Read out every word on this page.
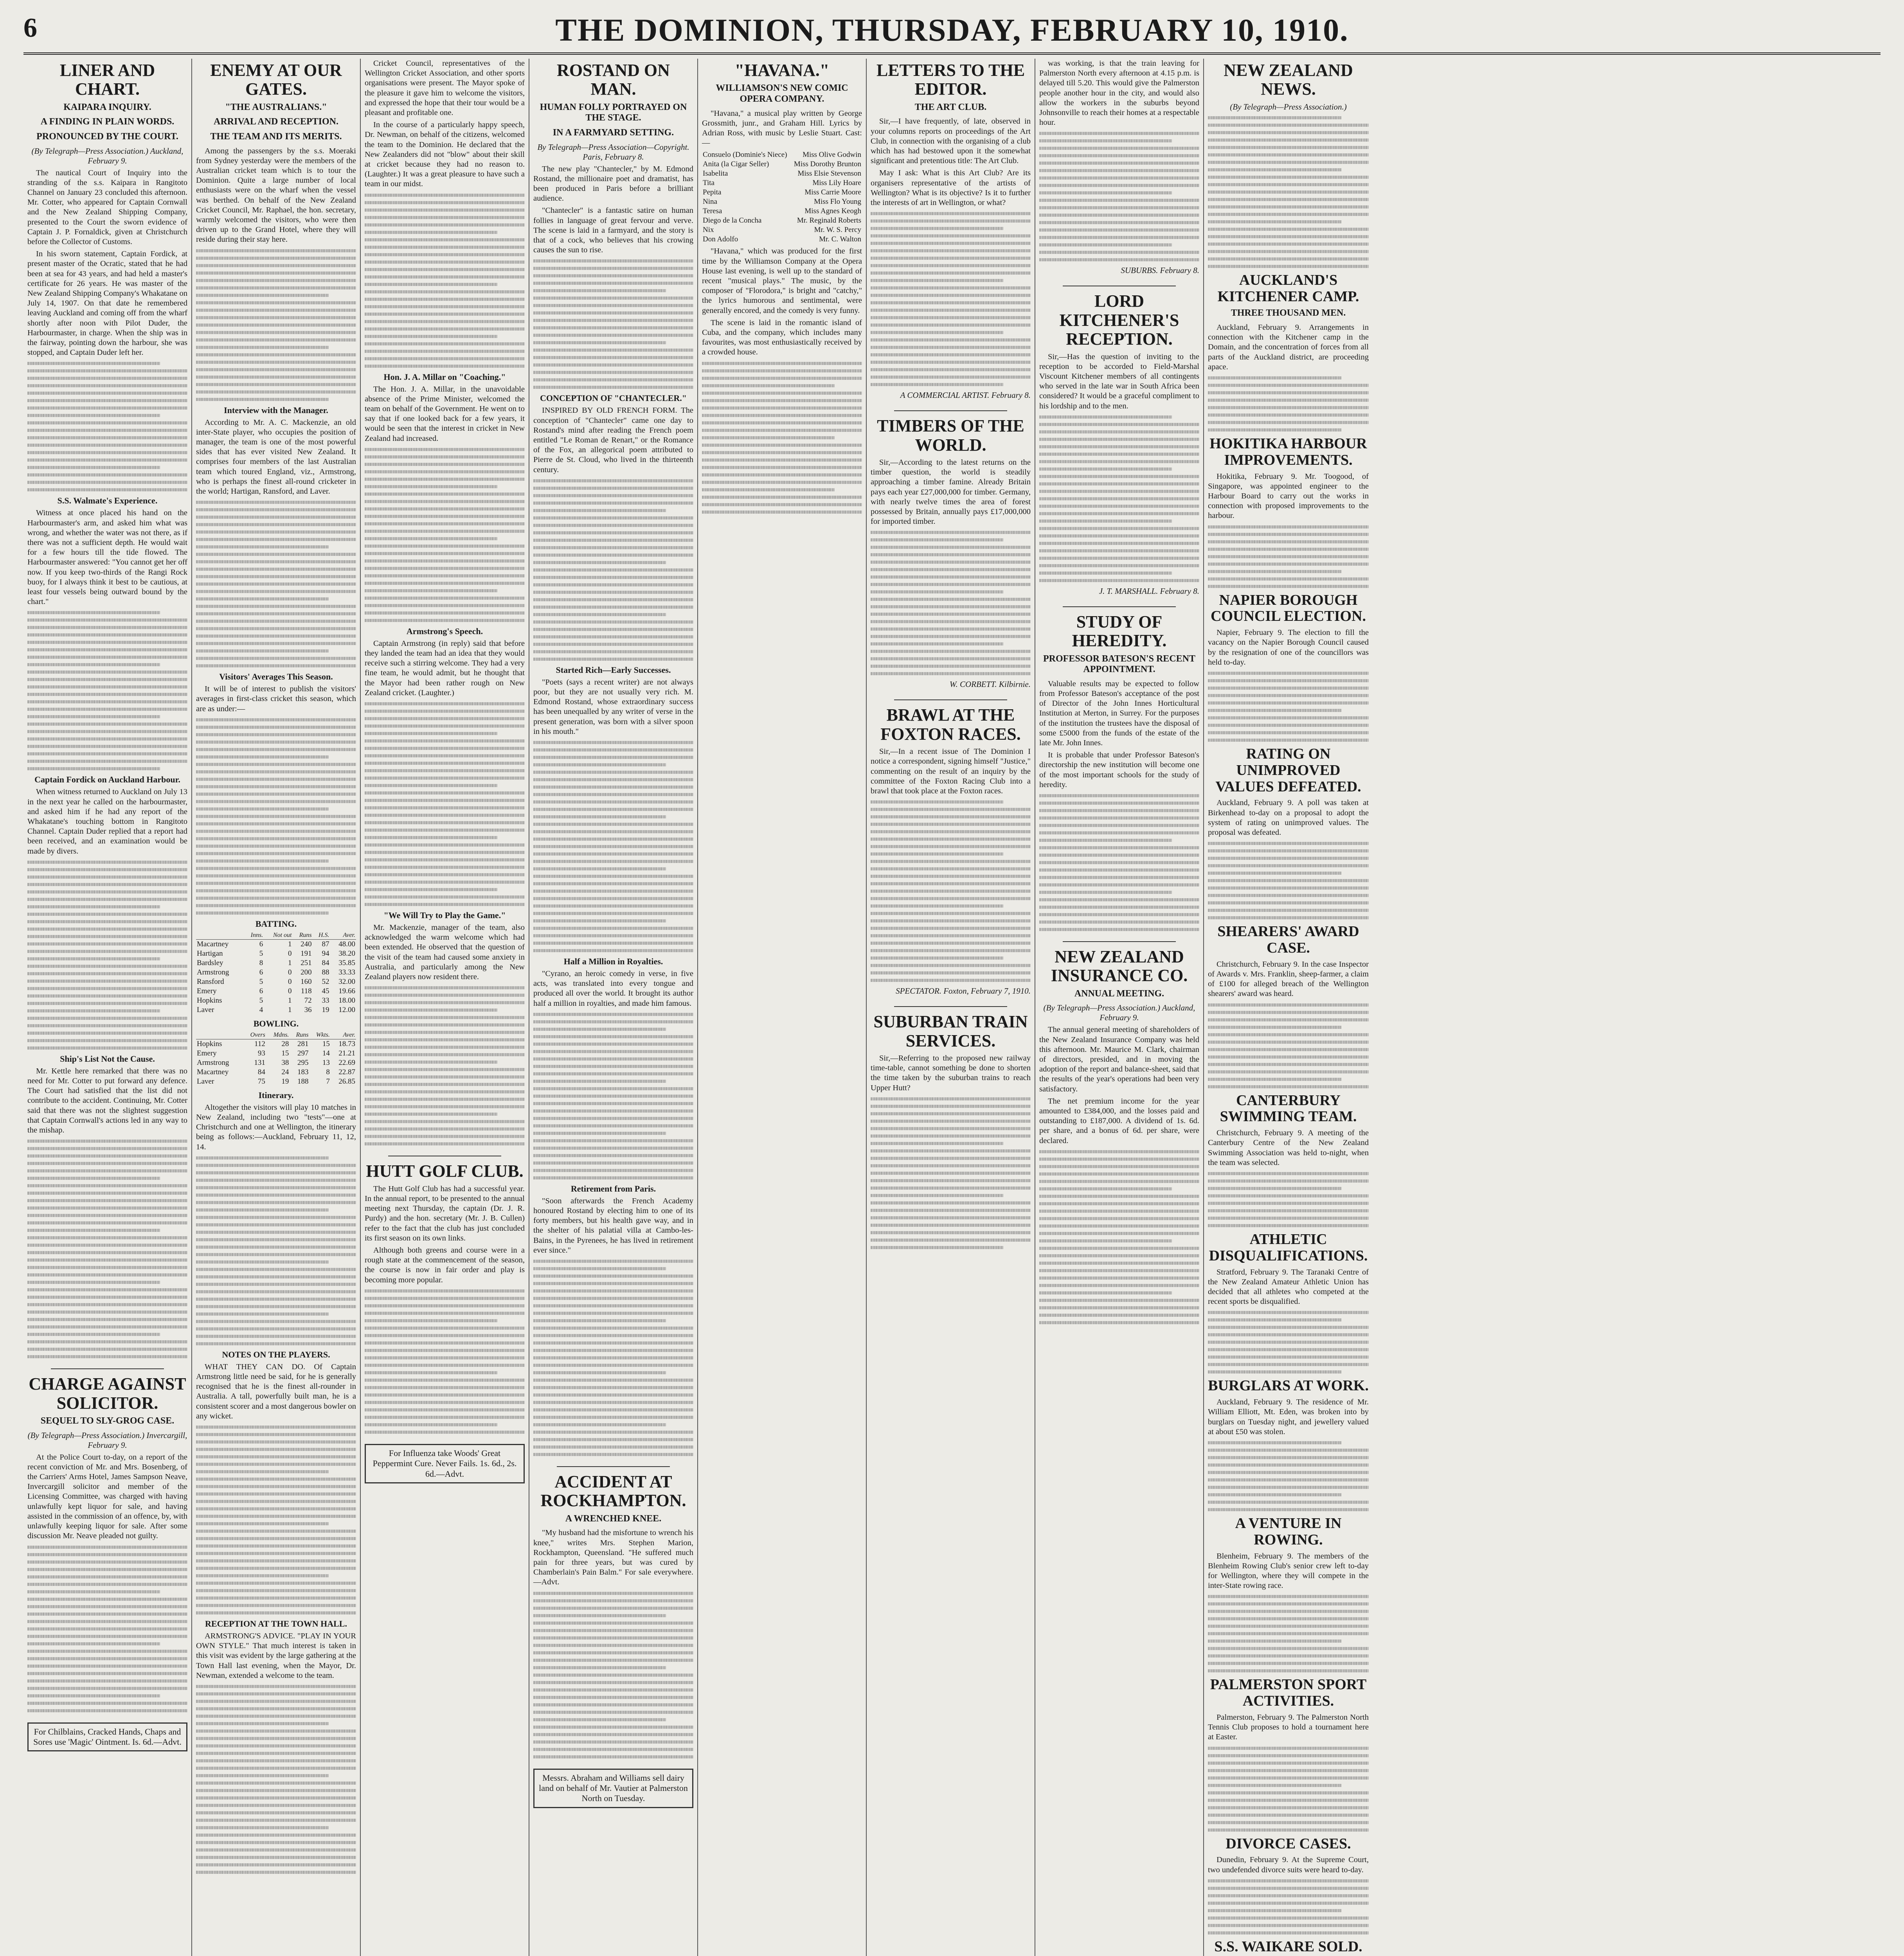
6	THE DOMINION, THURSDAY, FEBRUARY 10, 1910.
LINER AND CHART.
KAIPARA INQUIRY.
A FINDING IN PLAIN WORDS.
PRONOUNCED BY THE COURT.
(By Telegraph—Press Association.) Auckland, February 9.

The nautical Court of Inquiry into the stranding of the s.s. Kaipara in Rangitoto Channel on January 23 concluded this afternoon. Mr. Cotter, who appeared for Captain Cornwall and the New Zealand Shipping Company, presented to the Court the sworn evidence of Captain J. P. Fornaldick, given at Christchurch before the Collector of Customs.

In his sworn statement, Captain Fordick, at present master of the Ocratic, stated that he had been at sea for 43 years, and had held a master's certificate for 26 years. He was master of the New Zealand Shipping Company's Whakatane on July 14, 1907. On that date he remembered leaving Auckland and coming off from the wharf shortly after noon with Pilot Duder, the Harbourmaster, in charge. When the ship was in the fairway, pointing down the harbour, she was stopped, and Captain Duder left her.

S.S. Walmate's Experience.

Witness at once placed his hand on the Harbourmaster's arm, and asked him what was wrong, and whether the water was not there, as if there was not a sufficient depth. He would wait for a few hours till the tide flowed. The Harbourmaster answered: "You cannot get her off now. If you keep two-thirds of the Rangi Rock buoy, for I always think it best to be cautious, at least four vessels being outward bound by the chart."

Captain Fordick on Auckland Harbour.

When witness returned to Auckland on July 13 in the next year he called on the harbourmaster, and asked him if he had any report of the Whakatane's touching bottom in Rangitoto Channel. Captain Duder replied that a report had been received, and an examination would be made by divers.

Ship's List Not the Cause.

Mr. Kettle here remarked that there was no need for Mr. Cotter to put forward any defence. The Court had satisfied that the list did not contribute to the accident. Continuing, Mr. Cotter said that there was not the slightest suggestion that Captain Cornwall's actions led in any way to the mishap.

CHARGE AGAINST SOLICITOR.
SEQUEL TO SLY-GROG CASE.
(By Telegraph—Press Association.) Invercargill, February 9.

At the Police Court to-day, on a report of the recent conviction of Mr. and Mrs. Bosenberg, of the Carriers' Arms Hotel, James Sampson Neave, Invercargill solicitor and member of the Licensing Committee, was charged with having unlawfully kept liquor for sale, and having assisted in the commission of an offence, by, with unlawfully keeping liquor for sale. After some discussion Mr. Neave pleaded not guilty.

For Chilblains, Cracked Hands, Chaps and Sores use 'Magic' Ointment. Is. 6d.—Advt.
ENEMY AT OUR GATES.
"THE AUSTRALIANS."
ARRIVAL AND RECEPTION.
THE TEAM AND ITS MERITS.

Among the passengers by the s.s. Moeraki from Sydney yesterday were the members of the Australian cricket team which is to tour the Dominion. Quite a large number of local enthusiasts were on the wharf when the vessel was berthed. On behalf of the New Zealand Cricket Council, Mr. Raphael, the hon. secretary, warmly welcomed the visitors, who were then driven up to the Grand Hotel, where they will reside during their stay here.

Interview with the Manager.

According to Mr. A. C. Mackenzie, an old inter-State player, who occupies the position of manager, the team is one of the most powerful sides that has ever visited New Zealand. It comprises four members of the last Australian team which toured England, viz., Armstrong, who is perhaps the finest all-round cricketer in the world; Hartigan, Ransford, and Laver.

Visitors' Averages This Season.

It will be of interest to publish the visitors' averages in first-class cricket this season, which are as under:—

BATTING.
	Inns.	Not out	Runs	H.S.	Aver.
Macartney	6	1	240	87	48.00
Hartigan	5	0	191	94	38.20
Bardsley	8	1	251	84	35.85
Armstrong	6	0	200	88	33.33
Ransford	5	0	160	52	32.00
Emery	6	0	118	45	19.66
Hopkins	5	1	72	33	18.00
Laver	4	1	36	19	12.00
BOWLING.
	Overs	Mdns.	Runs	Wkts.	Aver.
Hopkins	112	28	281	15	18.73
Emery	93	15	297	14	21.21
Armstrong	131	38	295	13	22.69
Macartney	84	24	183	8	22.87
Laver	75	19	188	7	26.85
Itinerary.

Altogether the visitors will play 10 matches in New Zealand, including two "tests"—one at Christchurch and one at Wellington, the itinerary being as follows:—Auckland, February 11, 12, 14.

NOTES ON THE PLAYERS.

WHAT THEY CAN DO. Of Captain Armstrong little need be said, for he is generally recognised that he is the finest all-rounder in Australia. A tall, powerfully built man, he is a consistent scorer and a most dangerous bowler on any wicket.

RECEPTION AT THE TOWN HALL.

ARMSTRONG'S ADVICE. "PLAY IN YOUR OWN STYLE." That much interest is taken in this visit was evident by the large gathering at the Town Hall last evening, when the Mayor, Dr. Newman, extended a welcome to the team.

Cricket Council, representatives of the Wellington Cricket Association, and other sports organisations were present. The Mayor spoke of the pleasure it gave him to welcome the visitors, and expressed the hope that their tour would be a pleasant and profitable one.

In the course of a particularly happy speech, Dr. Newman, on behalf of the citizens, welcomed the team to the Dominion. He declared that the New Zealanders did not "blow" about their skill at cricket because they had no reason to. (Laughter.) It was a great pleasure to have such a team in our midst.

Hon. J. A. Millar on "Coaching."

The Hon. J. A. Millar, in the unavoidable absence of the Prime Minister, welcomed the team on behalf of the Government. He went on to say that if one looked back for a few years, it would be seen that the interest in cricket in New Zealand had increased.

Armstrong's Speech.

Captain Armstrong (in reply) said that before they landed the team had an idea that they would receive such a stirring welcome. They had a very fine team, he would admit, but he thought that the Mayor had been rather rough on New Zealand cricket. (Laughter.)

"We Will Try to Play the Game."

Mr. Mackenzie, manager of the team, also acknowledged the warm welcome which had been extended. He observed that the question of the visit of the team had caused some anxiety in Australia, and particularly among the New Zealand players now resident there.

HUTT GOLF CLUB.

The Hutt Golf Club has had a successful year. In the annual report, to be presented to the annual meeting next Thursday, the captain (Dr. J. R. Purdy) and the hon. secretary (Mr. J. B. Cullen) refer to the fact that the club has just concluded its first season on its own links.

Although both greens and course were in a rough state at the commencement of the season, the course is now in fair order and play is becoming more popular.

For Influenza take Woods' Great Peppermint Cure. Never Fails. 1s. 6d., 2s. 6d.—Advt.
ROSTAND ON MAN.
HUMAN FOLLY PORTRAYED ON THE STAGE.
IN A FARMYARD SETTING.
By Telegraph—Press Association—Copyright. Paris, February 8.

The new play "Chantecler," by M. Edmond Rostand, the millionaire poet and dramatist, has been produced in Paris before a brilliant audience.

"Chantecler" is a fantastic satire on human follies in language of great fervour and verve. The scene is laid in a farmyard, and the story is that of a cock, who believes that his crowing causes the sun to rise.

CONCEPTION OF "CHANTECLER."

INSPIRED BY OLD FRENCH FORM. The conception of "Chantecler" came one day to Rostand's mind after reading the French poem entitled "Le Roman de Renart," or the Romance of the Fox, an allegorical poem attributed to Pierre de St. Cloud, who lived in the thirteenth century.

Started Rich—Early Successes.

"Poets (says a recent writer) are not always poor, but they are not usually very rich. M. Edmond Rostand, whose extraordinary success has been unequalled by any writer of verse in the present generation, was born with a silver spoon in his mouth."

Half a Million in Royalties.

"Cyrano, an heroic comedy in verse, in five acts, was translated into every tongue and produced all over the world. It brought its author half a million in royalties, and made him famous.

Retirement from Paris.

"Soon afterwards the French Academy honoured Rostand by electing him to one of its forty members, but his health gave way, and in the shelter of his palatial villa at Cambo-les-Bains, in the Pyrenees, he has lived in retirement ever since."

ACCIDENT AT ROCKHAMPTON.
A WRENCHED KNEE.

"My husband had the misfortune to wrench his knee," writes Mrs. Stephen Marion, Rockhampton, Queensland. "He suffered much pain for three years, but was cured by Chamberlain's Pain Balm." For sale everywhere.—Advt.

Messrs. Abraham and Williams sell dairy land on behalf of Mr. Vautier at Palmerston North on Tuesday.
"HAVANA."
WILLIAMSON'S NEW COMIC OPERA COMPANY.

"Havana," a musical play written by George Grossmith, junr., and Graham Hill. Lyrics by Adrian Ross, with music by Leslie Stuart. Cast:—

Consuelo (Dominie's Niece)	Miss Olive Godwin
Anita (la Cigar Seller)	Miss Dorothy Brunton
Isabelita	Miss Elsie Stevenson
Tita	Miss Lily Hoare
Pepita	Miss Carrie Moore
Nina	Miss Flo Young
Teresa	Miss Agnes Keogh
Diego de la Concha	Mr. Reginald Roberts
Nix	Mr. W. S. Percy
Don Adolfo	Mr. C. Walton

"Havana," which was produced for the first time by the Williamson Company at the Opera House last evening, is well up to the standard of recent "musical plays." The music, by the composer of "Florodora," is bright and "catchy," the lyrics humorous and sentimental, were generally encored, and the comedy is very funny.

The scene is laid in the romantic island of Cuba, and the company, which includes many favourites, was most enthusiastically received by a crowded house.

LETTERS TO THE EDITOR.
THE ART CLUB.

Sir,—I have frequently, of late, observed in your columns reports on proceedings of the Art Club, in connection with the organising of a club which has had bestowed upon it the somewhat significant and pretentious title: The Art Club.

May I ask: What is this Art Club? Are its organisers representative of the artists of Wellington? What is its objective? Is it to further the interests of art in Wellington, or what?

A COMMERCIAL ARTIST. February 8.
TIMBERS OF THE WORLD.

Sir,—According to the latest returns on the timber question, the world is steadily approaching a timber famine. Already Britain pays each year £27,000,000 for timber. Germany, with nearly twelve times the area of forest possessed by Britain, annually pays £17,000,000 for imported timber.

W. CORBETT. Kilbirnie.
BRAWL AT THE FOXTON RACES.

Sir,—In a recent issue of The Dominion I notice a correspondent, signing himself "Justice," commenting on the result of an inquiry by the committee of the Foxton Racing Club into a brawl that took place at the Foxton races.

SPECTATOR. Foxton, February 7, 1910.
SUBURBAN TRAIN SERVICES.

Sir,—Referring to the proposed new railway time-table, cannot something be done to shorten the time taken by the suburban trains to reach Upper Hutt?

was working, is that the train leaving for Palmerston North every afternoon at 4.15 p.m. is delayed till 5.20. This would give the Palmerston people another hour in the city, and would also allow the workers in the suburbs beyond Johnsonville to reach their homes at a respectable hour.

SUBURBS. February 8.
LORD KITCHENER'S RECEPTION.

Sir,—Has the question of inviting to the reception to be accorded to Field-Marshal Viscount Kitchener members of all contingents who served in the late war in South Africa been considered? It would be a graceful compliment to his lordship and to the men.

J. T. MARSHALL. February 8.
STUDY OF HEREDITY.
PROFESSOR BATESON'S RECENT APPOINTMENT.

Valuable results may be expected to follow from Professor Bateson's acceptance of the post of Director of the John Innes Horticultural Institution at Merton, in Surrey. For the purposes of the institution the trustees have the disposal of some £5000 from the funds of the estate of the late Mr. John Innes.

It is probable that under Professor Bateson's directorship the new institution will become one of the most important schools for the study of heredity.

NEW ZEALAND INSURANCE CO.
ANNUAL MEETING.
(By Telegraph—Press Association.) Auckland, February 9.

The annual general meeting of shareholders of the New Zealand Insurance Company was held this afternoon. Mr. Maurice M. Clark, chairman of directors, presided, and in moving the adoption of the report and balance-sheet, said that the results of the year's operations had been very satisfactory.

The net premium income for the year amounted to £384,000, and the losses paid and outstanding to £187,000. A dividend of 1s. 6d. per share, and a bonus of 6d. per share, were declared.

NEW ZEALAND NEWS.
(By Telegraph—Press Association.)
AUCKLAND'S KITCHENER CAMP.
THREE THOUSAND MEN.

Auckland, February 9. Arrangements in connection with the Kitchener camp in the Domain, and the concentration of forces from all parts of the Auckland district, are proceeding apace.

HOKITIKA HARBOUR IMPROVEMENTS.

Hokitika, February 9. Mr. Toogood, of Singapore, was appointed engineer to the Harbour Board to carry out the works in connection with proposed improvements to the harbour.

NAPIER BOROUGH COUNCIL ELECTION.

Napier, February 9. The election to fill the vacancy on the Napier Borough Council caused by the resignation of one of the councillors was held to-day.

RATING ON UNIMPROVED VALUES DEFEATED.

Auckland, February 9. A poll was taken at Birkenhead to-day on a proposal to adopt the system of rating on unimproved values. The proposal was defeated.

SHEARERS' AWARD CASE.

Christchurch, February 9. In the case Inspector of Awards v. Mrs. Franklin, sheep-farmer, a claim of £100 for alleged breach of the Wellington shearers' award was heard.

CANTERBURY SWIMMING TEAM.

Christchurch, February 9. A meeting of the Canterbury Centre of the New Zealand Swimming Association was held to-night, when the team was selected.

ATHLETIC DISQUALIFICATIONS.

Stratford, February 9. The Taranaki Centre of the New Zealand Amateur Athletic Union has decided that all athletes who competed at the recent sports be disqualified.

BURGLARS AT WORK.

Auckland, February 9. The residence of Mr. William Elliott, Mt. Eden, was broken into by burglars on Tuesday night, and jewellery valued at about £50 was stolen.

A VENTURE IN ROWING.

Blenheim, February 9. The members of the Blenheim Rowing Club's senior crew left to-day for Wellington, where they will compete in the inter-State rowing race.

PALMERSTON SPORT ACTIVITIES.

Palmerston, February 9. The Palmerston North Tennis Club proposes to hold a tournament here at Easter.

DIVORCE CASES.

Dunedin, February 9. At the Supreme Court, two undefended divorce suits were heard to-day.

S.S. WAIKARE SOLD.
